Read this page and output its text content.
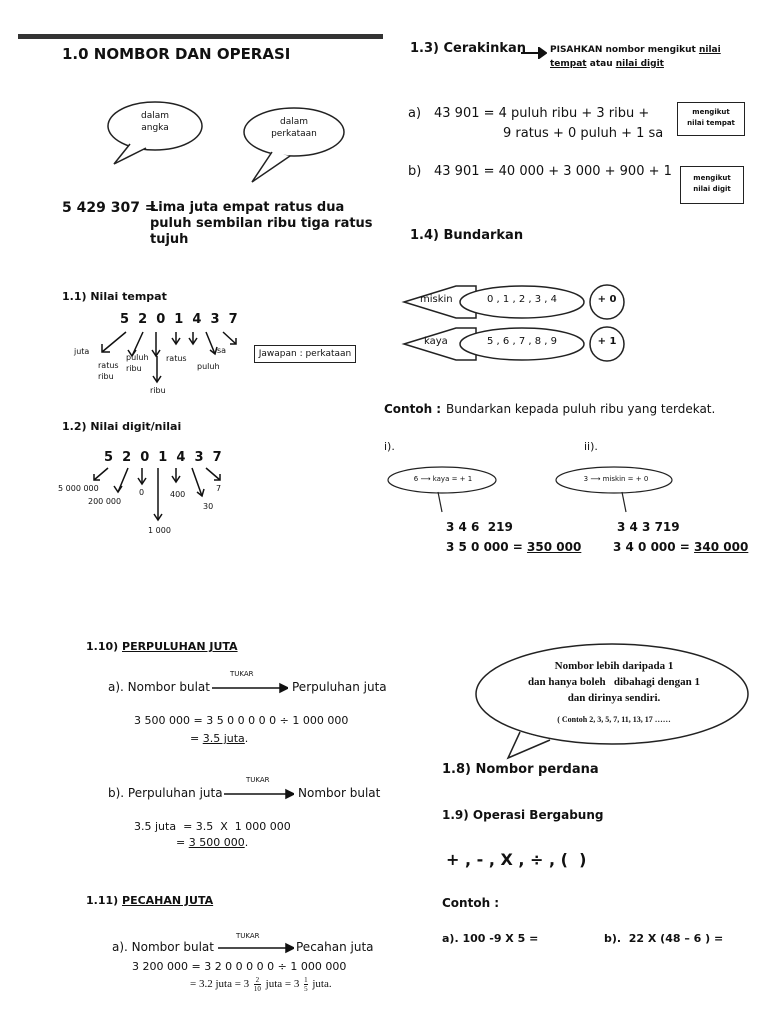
1.0 NOMBOR DAN OPERASI
dalam
angka
dalam
perkataan
5 429 307 =
Lima juta empat ratus dua
puluh sembilan ribu tiga ratus
tujuh
1.1) Nilai tempat
5  2  0  1  4  3  7
juta
ratus
ribu
puluh
ribu
ribu
ratus
puluh
sa	Jawapan : perkataan
1.2) Nilai digit/nilai
5  2  0  1  4  3  7
5 000 000
200 000
0
1 000
400
30
7
1.3) Cerakinkan	PISAHKAN nombor mengikut nilai
tempat atau nilai digit
a) 43 901 = 4 puluh ribu + 3 ribu +
9 ratus + 0 puluh + 1 sa
mengikut
nilai tempat
b) 43 901 = 40 000 + 3 000 + 900 + 1	mengikut
nilai digit
1.4) Bundarkan
miskin	0 , 1 , 2 , 3 , 4	+ 0
kaya	5 , 6 , 7 , 8 , 9	+ 1
Contoh : Bundarkan kepada puluh ribu yang terdekat.
i).
6 ⟶ kaya = + 1
3 4 6  219
3 5 0 000 = 350 000
ii).
3 ⟶ miskin = + 0
3 4 3 719
3 4 0 000 = 340 000
1.10) PERPULUHAN JUTA
a). Nombor bulat
TUKAR
Perpuluhan juta
3 500 000 = 3 5 0 0 0 0 0 ÷ 1 000 000
= 3.5 juta.
b). Perpuluhan juta
TUKAR
Nombor bulat
3.5 juta  = 3.5  X  1 000 000
= 3 500 000.
1.11) PECAHAN JUTA
a). Nombor bulat
TUKAR
Pecahan juta
3 200 000 = 3 2 0 0 0 0 0 ÷ 1 000 000
= 3.2 juta = $3 \frac{2}{10}$ juta = $3 \frac{1}{5}$ juta.
Nombor lebih daripada 1
dan hanya boleh   dibahagi dengan 1
dan dirinya sendiri.
( Contoh 2, 3, 5, 7, 11, 13, 17 ……
1.8) Nombor perdana
1.9) Operasi Bergabung
+ , - , X , ÷ , (  )
Contoh :
a). 100 -9 X 5 =	b).  22 X (48 – 6 ) =
